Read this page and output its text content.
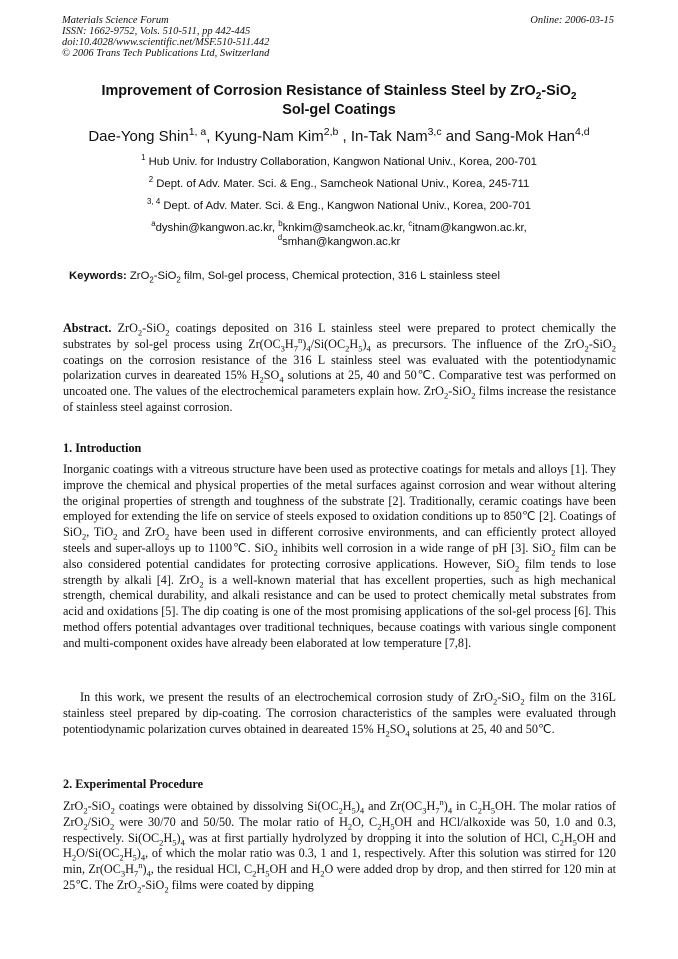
Materials Science Forum
ISSN: 1662-9752, Vols. 510-511, pp 442-445
doi:10.4028/www.scientific.net/MSF.510-511.442
© 2006 Trans Tech Publications Ltd, Switzerland
Online: 2006-03-15
Improvement of Corrosion Resistance of Stainless Steel by ZrO$_2$-SiO$_2$
Sol-gel Coatings
Dae-Yong Shin$^{1, a}$, Kyung-Nam Kim$^{2,b}$ , In-Tak Nam$^{3,c}$ and Sang-Mok Han$^{4,d}$
$^1$ Hub Univ. for Industry Collaboration, Kangwon National Univ., Korea, 200-701
$^2$ Dept. of Adv. Mater. Sci. & Eng., Samcheok National Univ., Korea, 245-711
$^{3, 4}$ Dept. of Adv. Mater. Sci. & Eng., Kangwon National Univ., Korea, 200-701
$^a$dyshin@kangwon.ac.kr, $^b$knkim@samcheok.ac.kr, $^c$itnam@kangwon.ac.kr,
$^d$smhan@kangwon.ac.kr
Keywords: ZrO$_2$-SiO$_2$ film, Sol-gel process, Chemical protection, 316 L stainless steel
Abstract. ZrO$_2$-SiO$_2$ coatings deposited on 316 L stainless steel were prepared to protect chemically the substrates by sol-gel process using $Zr(OC_3H_7^n)_4/Si(OC_2H_5)_4$ as precursors. The influence of the ZrO$_2$-SiO$_2$ coatings on the corrosion resistance of the 316 L stainless steel was evaluated with the potentiodynamic polarization curves in deareated 15% $H_2SO_4$ solutions at 25, 40 and 50℃. Comparative test was performed on uncoated one. The values of the electrochemical parameters explain how. ZrO$_2$-SiO$_2$ films increase the resistance of stainless steel against corrosion.
1. Introduction
Inorganic coatings with a vitreous structure have been used as protective coatings for metals and alloys [1]. They improve the chemical and physical properties of the metal surfaces against corrosion and wear without altering the original properties of strength and toughness of the substrate [2]. Traditionally, ceramic coatings have been employed for extending the life on service of steels exposed to oxidation conditions up to 850℃ [2]. Coatings of SiO$_2$, TiO$_2$ and ZrO$_2$ have been used in different corrosive environments, and can efficiently protect alloyed steels and super-alloys up to 1100℃. SiO$_2$ inhibits well corrosion in a wide range of pH [3]. SiO$_2$ film can be also considered potential candidates for protecting corrosive applications. However, SiO$_2$ film tends to lose strength by alkali [4]. ZrO$_2$ is a well-known material that has excellent properties, such as high mechanical strength, chemical durability, and alkali resistance and can be used to protect chemically metal substrates from acid and oxidations [5]. The dip coating is one of the most promising applications of the sol-gel process [6]. This method offers potential advantages over traditional techniques, because coatings with various single component and multi-component oxides have already been elaborated at low temperature [7,8].
In this work, we present the results of an electrochemical corrosion study of ZrO$_2$-SiO$_2$ film on the 316L stainless steel prepared by dip-coating. The corrosion characteristics of the samples were evaluated through potentiodynamic polarization curves obtained in deareated 15% $H_2SO_4$ solutions at 25, 40 and 50℃.
2. Experimental Procedure
ZrO$_2$-SiO$_2$ coatings were obtained by dissolving $Si(OC_2H_5)_4$ and $Zr(OC_3H_7^n)_4$ in $C_2H_5OH$. The molar ratios of ZrO$_2$/SiO$_2$ were 30/70 and 50/50. The molar ratio of $H_2O$, $C_2H_5OH$ and HCl/alkoxide was 50, 1.0 and 0.3, respectively. $Si(OC_2H_5)_4$ was at first partially hydrolyzed by dropping it into the solution of HCl, $C_2H_5OH$ and $H_2O/Si(OC_2H_5)_4$, of which the molar ratio was 0.3, 1 and 1, respectively. After this solution was stirred for 120 min, $Zr(OC_3H_7^n)_4$, the residual HCl, $C_2H_5OH$ and $H_2O$ were added drop by drop, and then stirred for 120 min at 25℃. The ZrO$_2$-SiO$_2$ films were coated by dipping
